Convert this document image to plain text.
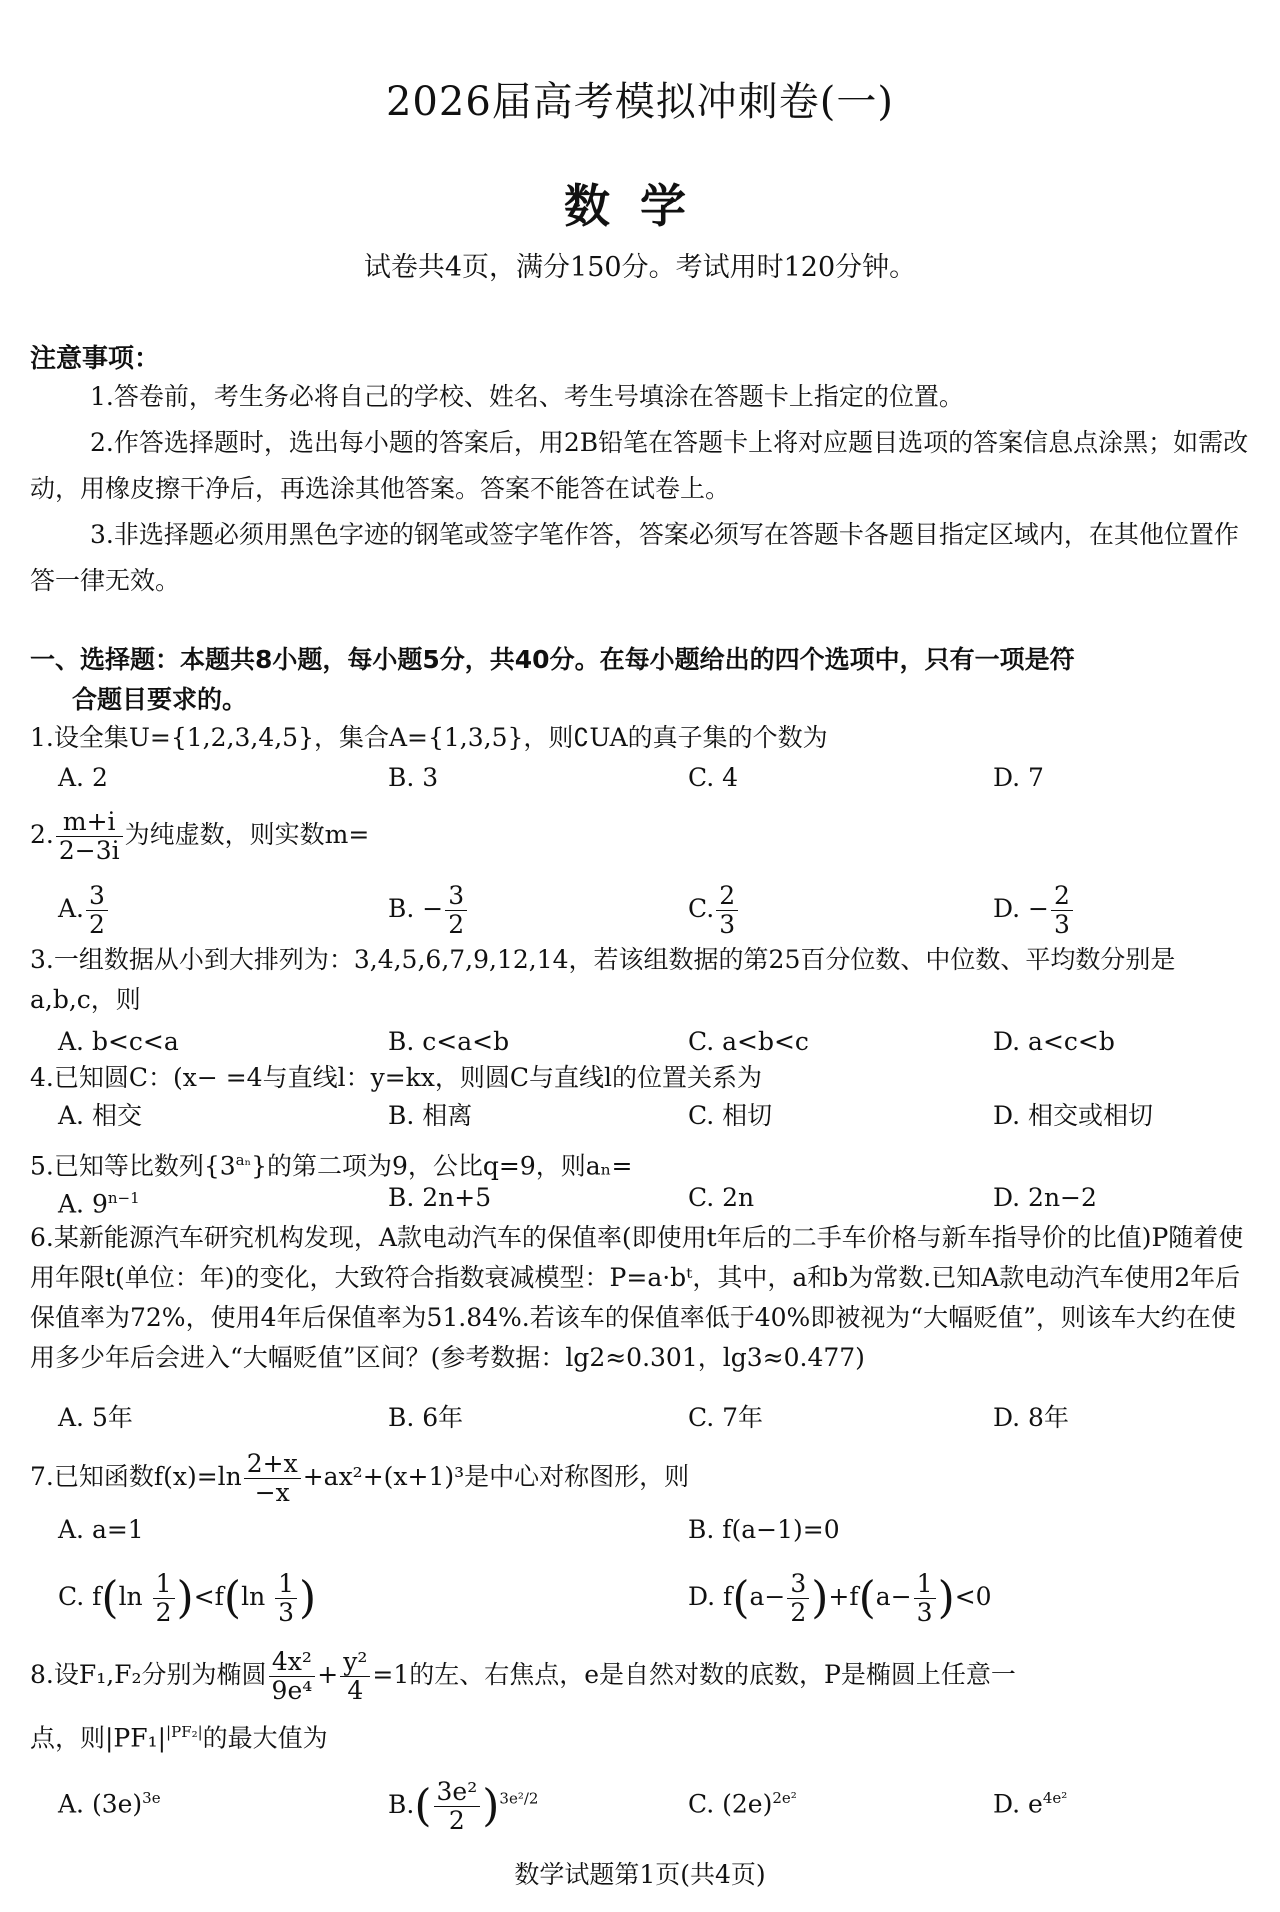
2026届高考模拟冲刺卷(一)
数学
试卷共4页，满分150分。考试用时120分钟。
注意事项：
1.答卷前，考生务必将自己的学校、姓名、考生号填涂在答题卡上指定的位置。
2.作答选择题时，选出每小题的答案后，用2B铅笔在答题卡上将对应题目选项的答案信息点涂黑；如需改动，用橡皮擦干净后，再选涂其他答案。答案不能答在试卷上。
3.非选择题必须用黑色字迹的钢笔或签字笔作答，答案必须写在答题卡各题目指定区域内，在其他位置作答一律无效。
一、选择题：本题共8小题，每小题5分，共40分。在每小题给出的四个选项中，只有一项是符
合题目要求的。
1.设全集U={1,2,3,4,5}，集合A={1,3,5}，则∁UA的真子集的个数为
A. 2	B. 3	C. 4	D. 7
2. $\frac{m+i}{2-3i}$ 为纯虚数，则实数m=
A. $\frac{3}{2}$	B. − $\frac{3}{2}$	C. $\frac{2}{3}$	D. − $\frac{2}{3}$
3.一组数据从小到大排列为：3,4,5,6,7,9,12,14，若该组数据的第25百分位数、中位数、平均数分别是a,b,c，则
A. b<c<a	B. c<a<b	C. a<b<c	D. a<c<b
4.已知圆C：(x− =4与直线l：y=kx，则圆C与直线l的位置关系为
A. 相交	B. 相离	C. 相切	D. 相交或相切
5.已知等比数列$\{3^{a_n}\}$的第二项为9，公比q=9，则aₙ=
A. $9^{n-1}$	B. 2n+5	C. 2n	D. 2n−2
6.某新能源汽车研究机构发现，A款电动汽车的保值率(即使用t年后的二手车价格与新车指导价的比值)P随着使用年限t(单位：年)的变化，大致符合指数衰减模型：P=a·bᵗ，其中，a和b为常数.已知A款电动汽车使用2年后保值率为72%，使用4年后保值率为51.84%.若该车的保值率低于40%即被视为“大幅贬值”，则该车大约在使用多少年后会进入“大幅贬值”区间？(参考数据：lg2≈0.301，lg3≈0.477)
A. 5年	B. 6年	C. 7年	D. 8年
7.已知函数$f(x)=\ln \frac{2+x}{-x} +ax^2+(x+1)^3$是中心对称图形，则
A. a=1	B. f(a−1)=0
C. $f(\ln \frac{1}{2} )<f(\ln \frac{1}{3}$ )	D. $f(a- \frac{3}{2} )+f(a- \frac{1}{3} )<0$
8.设F₁,F₂分别为椭圆 $\frac{\text{4x²}}{\text{9e⁴}} + \frac{\text{y²}}{4} =1$的左、右焦点，e是自然对数的底数，P是椭圆上任意一
点，则$|PF_1|^{|PF_2|}$的最大值为
A. $(3e)^{3e}$	$B.( \frac{\text{3e²}}{2} )^{3e^2/2}$	C. $(2e)^{2e^2}$	D. $e^{4e^2}$
数学试题第1页(共4页)
